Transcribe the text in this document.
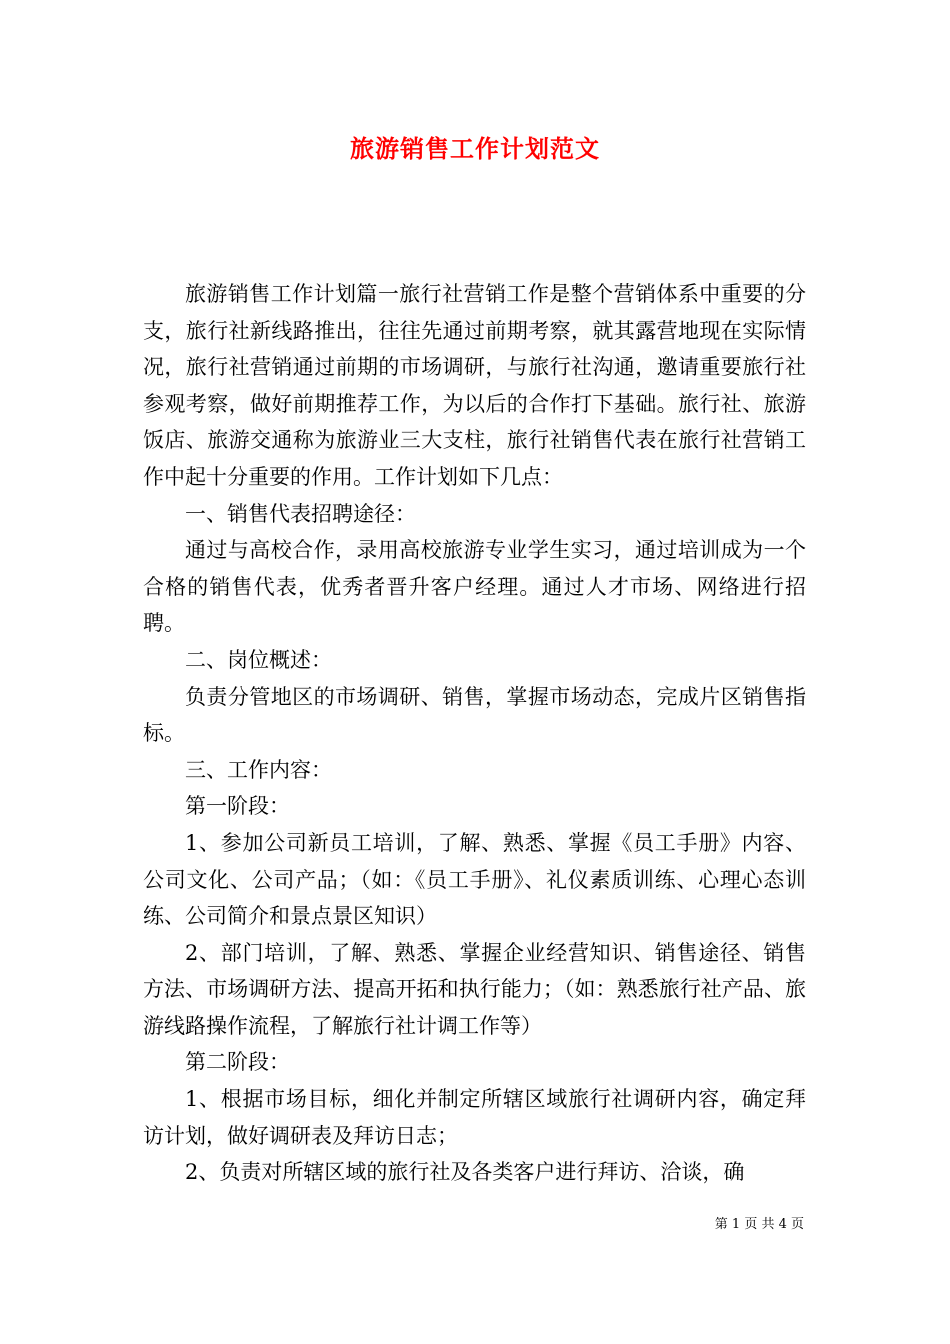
旅游销售工作计划范文

旅游销售工作计划篇一旅行社营销工作是整个营销体系中重要的分支，旅行社新线路推出，往往先通过前期考察，就其露营地现在实际情况，旅行社营销通过前期的市场调研，与旅行社沟通，邀请重要旅行社参观考察，做好前期推荐工作，为以后的合作打下基础。旅行社、旅游饭店、旅游交通称为旅游业三大支柱，旅行社销售代表在旅行社营销工作中起十分重要的作用。工作计划如下几点：

一、销售代表招聘途径：

通过与高校合作，录用高校旅游专业学生实习，通过培训成为一个合格的销售代表，优秀者晋升客户经理。通过人才市场、网络进行招聘。

二、岗位概述：

负责分管地区的市场调研、销售，掌握市场动态，完成片区销售指标。

三、工作内容：

第一阶段：

1、参加公司新员工培训，了解、熟悉、掌握《员工手册》内容、公司文化、公司产品；（如：《员工手册》、礼仪素质训练、心理心态训练、公司简介和景点景区知识）

2、部门培训，了解、熟悉、掌握企业经营知识、销售途径、销售方法、市场调研方法、提高开拓和执行能力；（如：熟悉旅行社产品、旅游线路操作流程，了解旅行社计调工作等）

第二阶段：

1、根据市场目标，细化并制定所辖区域旅行社调研内容，确定拜访计划，做好调研表及拜访日志；

2、负责对所辖区域的旅行社及各类客户进行拜访、洽谈，确

第 1 页 共 4 页
